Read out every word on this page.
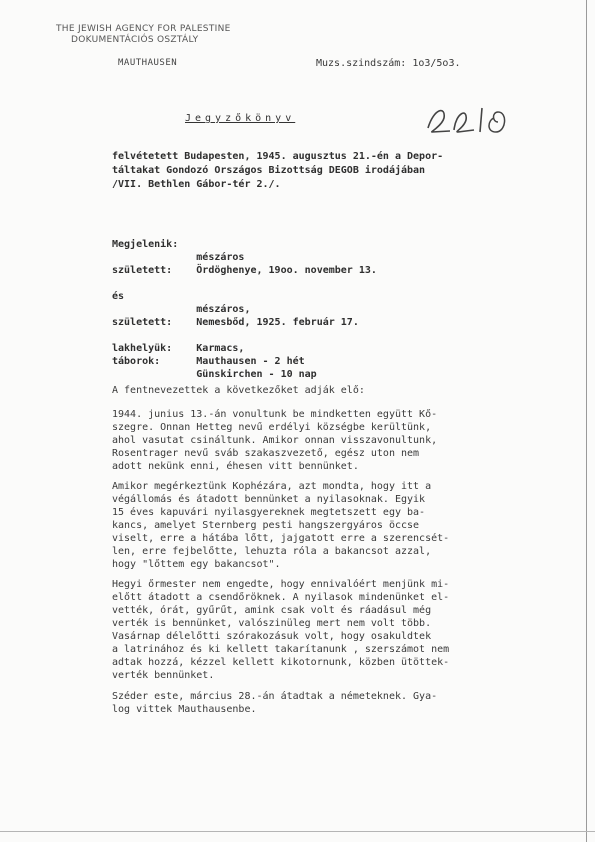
THE JEWISH AGENCY FOR PALESTINE
DOKUMENTÁCIÓS OSZTÁLY
MAUTHAUSEN	Muzs.szindszám: 1o3/5o3.
Jegyzőkönyv
felvétetett Budapesten, 1945. augusztus 21.-én a Depor-
táltakat Gondozó Országos Bizottság DEGOB irodájában
/VII. Bethlen Gábor-tér 2./.
Megjelenik:
mészáros
született:    Ördöghenye, 19oo. november 13.

és
mészáros,
született:    Nemesbőd, 1925. február 17.

lakhelyük:    Karmacs,
táborok:      Mauthausen - 2 hét
Günskirchen - 10 nap
A fentnevezettek a következőket adják elő:
1944. junius 13.-án vonultunk be mindketten együtt Kő-
szegre. Onnan Hetteg nevű erdélyi községbe kerültünk,
ahol vasutat csináltunk. Amikor onnan visszavonultunk,
Rosentrager nevű sváb szakaszvezető, egész uton nem
adott nekünk enni, éhesen vitt bennünket.
Amikor megérkeztünk Kophézára, azt mondta, hogy itt a
végállomás és átadott bennünket a nyilasoknak. Egyik
15 éves kapuvári nyilasgyereknek megtetszett egy ba-
kancs, amelyet Sternberg pesti hangszergyáros öccse
viselt, erre a hátába lőtt, jajgatott erre a szerencsét-
len, erre fejbelőtte, lehuzta róla a bakancsot azzal,
hogy "lőttem egy bakancsot".
Hegyi őrmester nem engedte, hogy ennivalóért menjünk mi-
előtt átadott a csendőröknek. A nyilasok mindenünket el-
vették, órát, gyűrűt, amink csak volt és ráadásul még
verték is bennünket, valószinüleg mert nem volt több.
Vasárnap délelőtti szórakozásuk volt, hogy osakuldtek
a latrinához és ki kellett takarítanunk , szerszámot nem
adtak hozzá, kézzel kellett kikotornunk, közben ütöttek-
verték bennünket.
Széder este, március 28.-án átadtak a németeknek. Gya-
log vittek Mauthausenbe.
